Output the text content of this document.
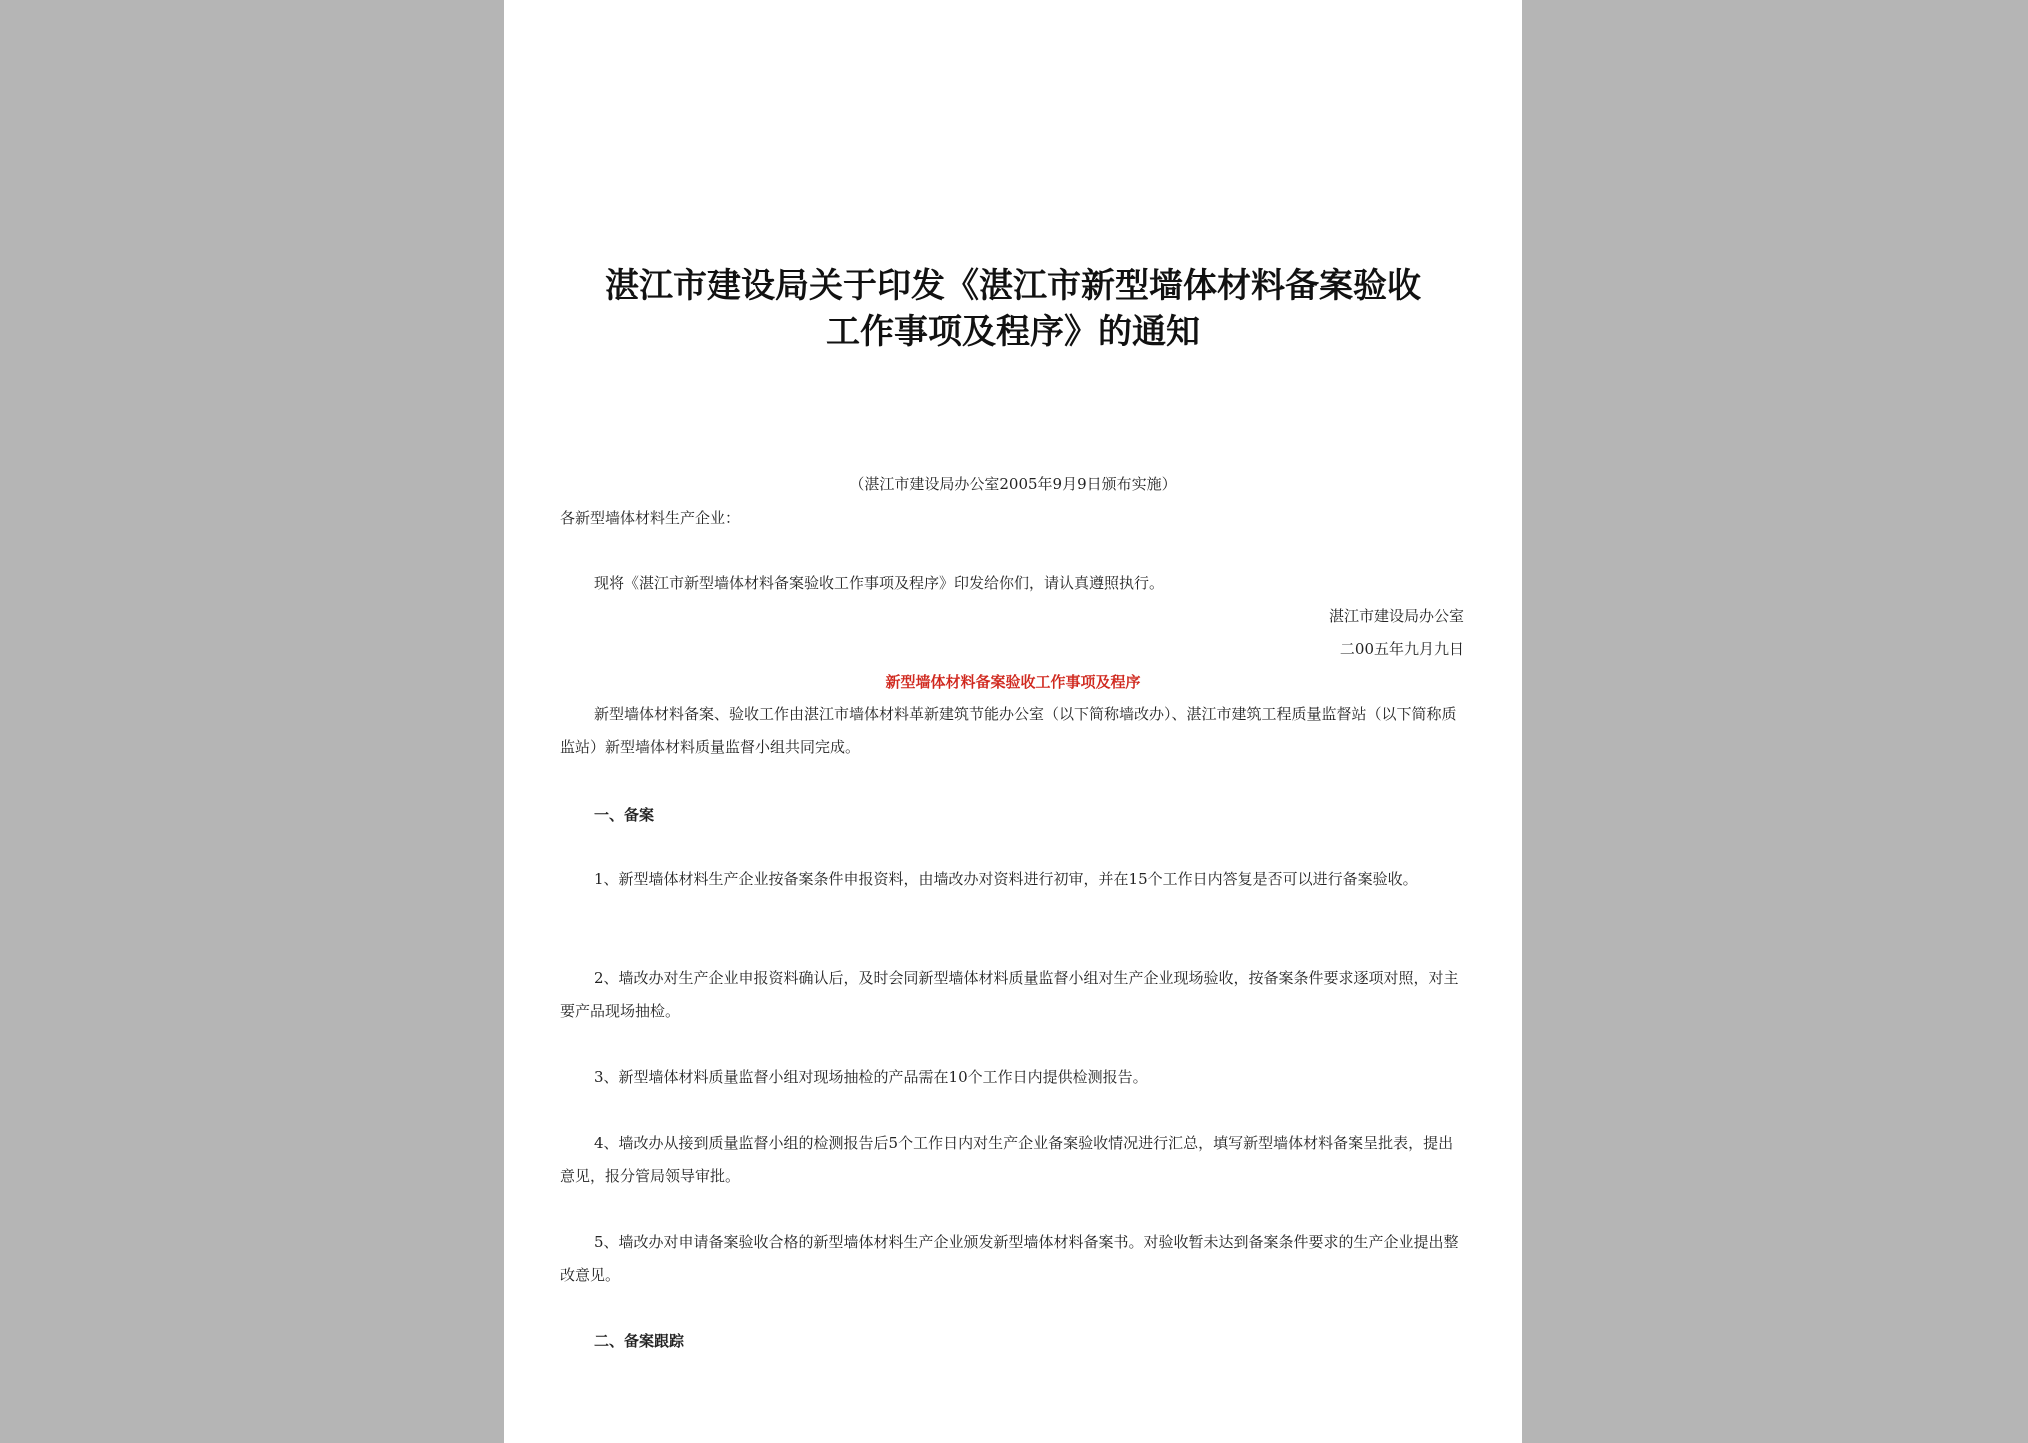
湛江市建设局关于印发《湛江市新型墙体材料备案验收
工作事项及程序》的通知
（湛江市建设局办公室2005年9月9日颁布实施）
各新型墙体材料生产企业：
现将《湛江市新型墙体材料备案验收工作事项及程序》印发给你们，请认真遵照执行。
湛江市建设局办公室
二00五年九月九日
新型墙体材料备案验收工作事项及程序

新型墙体材料备案、验收工作由湛江市墙体材料革新建筑节能办公室（以下简称墙改办）、湛江市建筑工程质量监督站（以下简称质监站）新型墙体材料质量监督小组共同完成。

一、备案

1、新型墙体材料生产企业按备案条件申报资料，由墙改办对资料进行初审，并在15个工作日内答复是否可以进行备案验收。

2、墙改办对生产企业申报资料确认后，及时会同新型墙体材料质量监督小组对生产企业现场验收，按备案条件要求逐项对照，对主要产品现场抽检。

3、新型墙体材料质量监督小组对现场抽检的产品需在10个工作日内提供检测报告。

4、墙改办从接到质量监督小组的检测报告后5个工作日内对生产企业备案验收情况进行汇总，填写新型墙体材料备案呈批表，提出意见，报分管局领导审批。

5、墙改办对申请备案验收合格的新型墙体材料生产企业颁发新型墙体材料备案书。对验收暂未达到备案条件要求的生产企业提出整改意见。

二、备案跟踪
